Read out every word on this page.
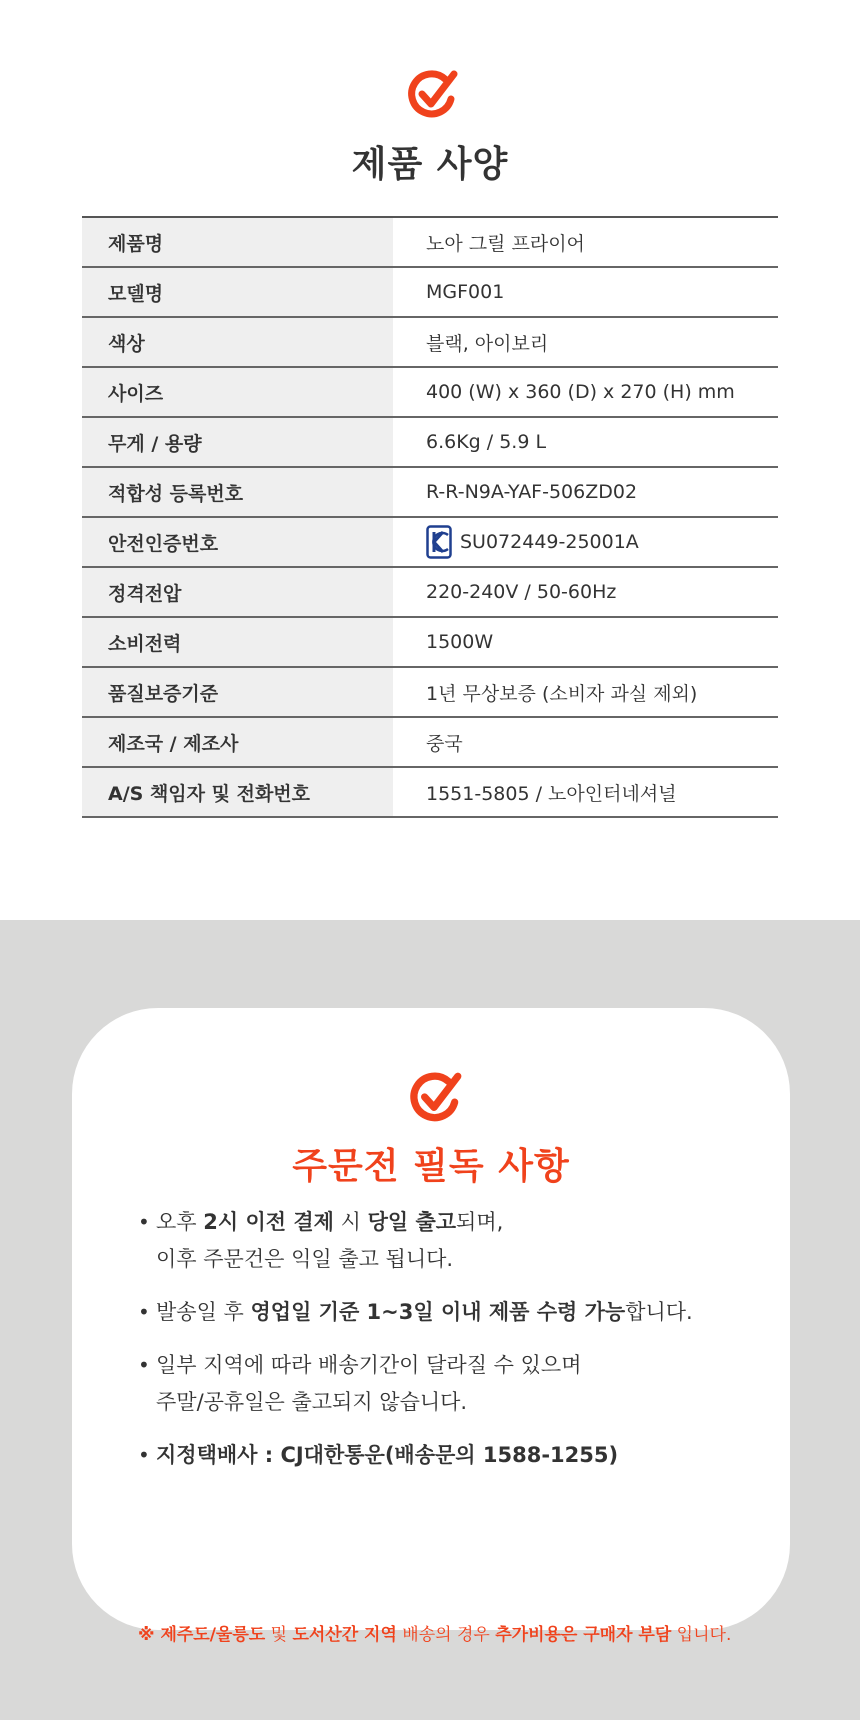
제품 사양
제품명	노아 그릴 프라이어
모델명	MGF001
색상	블랙, 아이보리
사이즈	400 (W) x 360 (D) x 270 (H) mm
무게 / 용량	6.6Kg / 5.9 L
적합성 등록번호	R-R-N9A-YAF-506ZD02
안전인증번호	SU072449-25001A
정격전압	220-240V / 50-60Hz
소비전력	1500W
품질보증기준	1년 무상보증 (소비자 과실 제외)
제조국 / 제조사	중국
A/S 책임자 및 전화번호	1551-5805 / 노아인터네셔널
주문전 필독 사항
• 오후 2시 이전 결제 시 당일 출고되며,
이후 주문건은 익일 출고 됩니다.
• 발송일 후 영업일 기준 1~3일 이내 제품 수령 가능합니다.
• 일부 지역에 따라 배송기간이 달라질 수 있으며
주말/공휴일은 출고되지 않습니다.
• 지정택배사 : CJ대한통운(배송문의 1588-1255)
※ 제주도/울릉도 및 도서산간 지역 배송의 경우 추가비용은 구매자 부담 입니다.
